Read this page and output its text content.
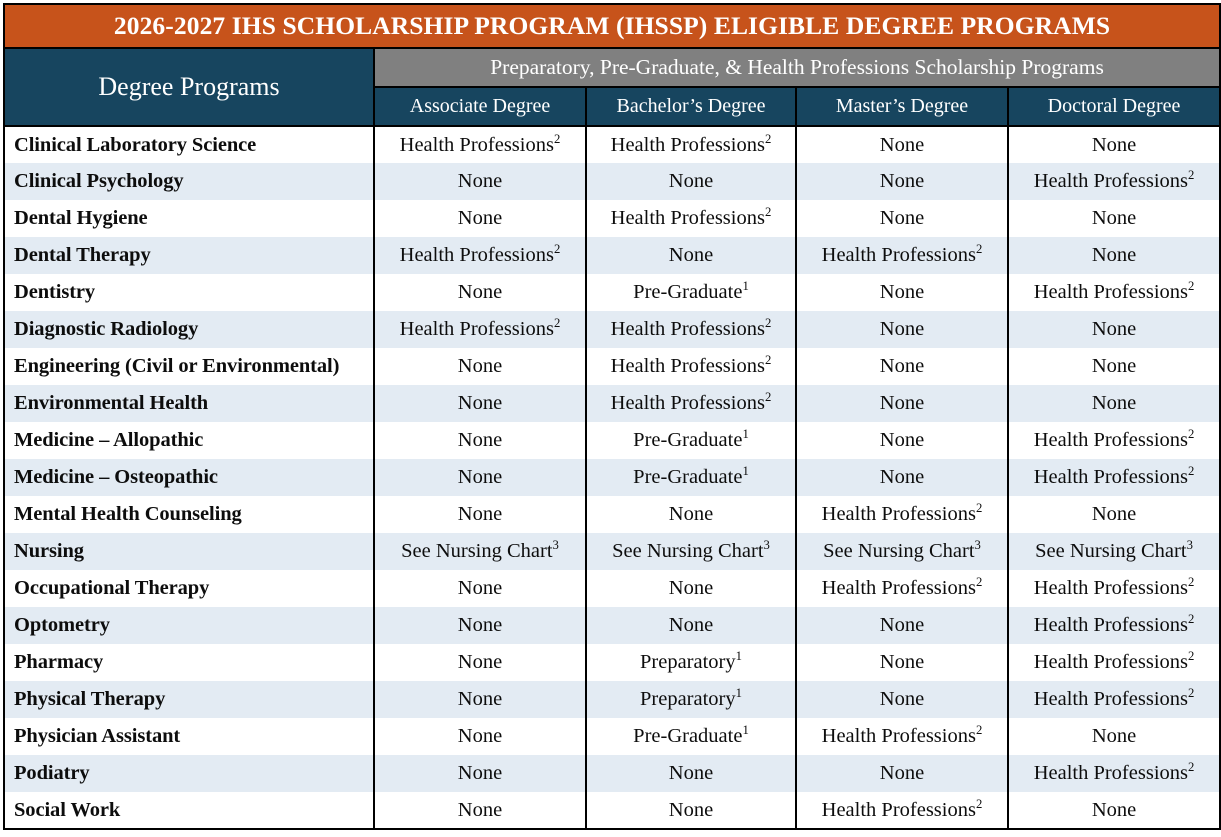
2026-2027 IHS SCHOLARSHIP PROGRAM (IHSSP) ELIGIBLE DEGREE PROGRAMS				

Degree Programs	Preparatory, Pre-Graduate, & Health Professions Scholarship Programs			
	Associate Degree	Bachelor’s Degree	Master’s Degree	Doctoral Degree
Clinical Laboratory Science	Health Professions$^2$	Health Professions$^2$	None	None
Clinical Psychology	None	None	None	Health Professions$^2$
Dental Hygiene	None	Health Professions$^2$	None	None
Dental Therapy	Health Professions$^2$	None	Health Professions$^2$	None
Dentistry	None	Pre-Graduate$^1$	None	Health Professions$^2$
Diagnostic Radiology	Health Professions$^2$	Health Professions$^2$	None	None
Engineering (Civil or Environmental)	None	Health Professions$^2$	None	None
Environmental Health	None	Health Professions$^2$	None	None
Medicine – Allopathic	None	Pre-Graduate$^1$	None	Health Professions$^2$
Medicine – Osteopathic	None	Pre-Graduate$^1$	None	Health Professions$^2$
Mental Health Counseling	None	None	Health Professions$^2$	None
Nursing	See Nursing Chart$^3$	See Nursing Chart$^3$	See Nursing Chart$^3$	See Nursing Chart$^3$
Occupational Therapy	None	None	Health Professions$^2$	Health Professions$^2$
Optometry	None	None	None	Health Professions$^2$
Pharmacy	None	Preparatory$^1$	None	Health Professions$^2$
Physical Therapy	None	Preparatory$^1$	None	Health Professions$^2$
Physician Assistant	None	Pre-Graduate$^1$	Health Professions$^2$	None
Podiatry	None	None	None	Health Professions$^2$
Social Work	None	None	Health Professions$^2$	None
